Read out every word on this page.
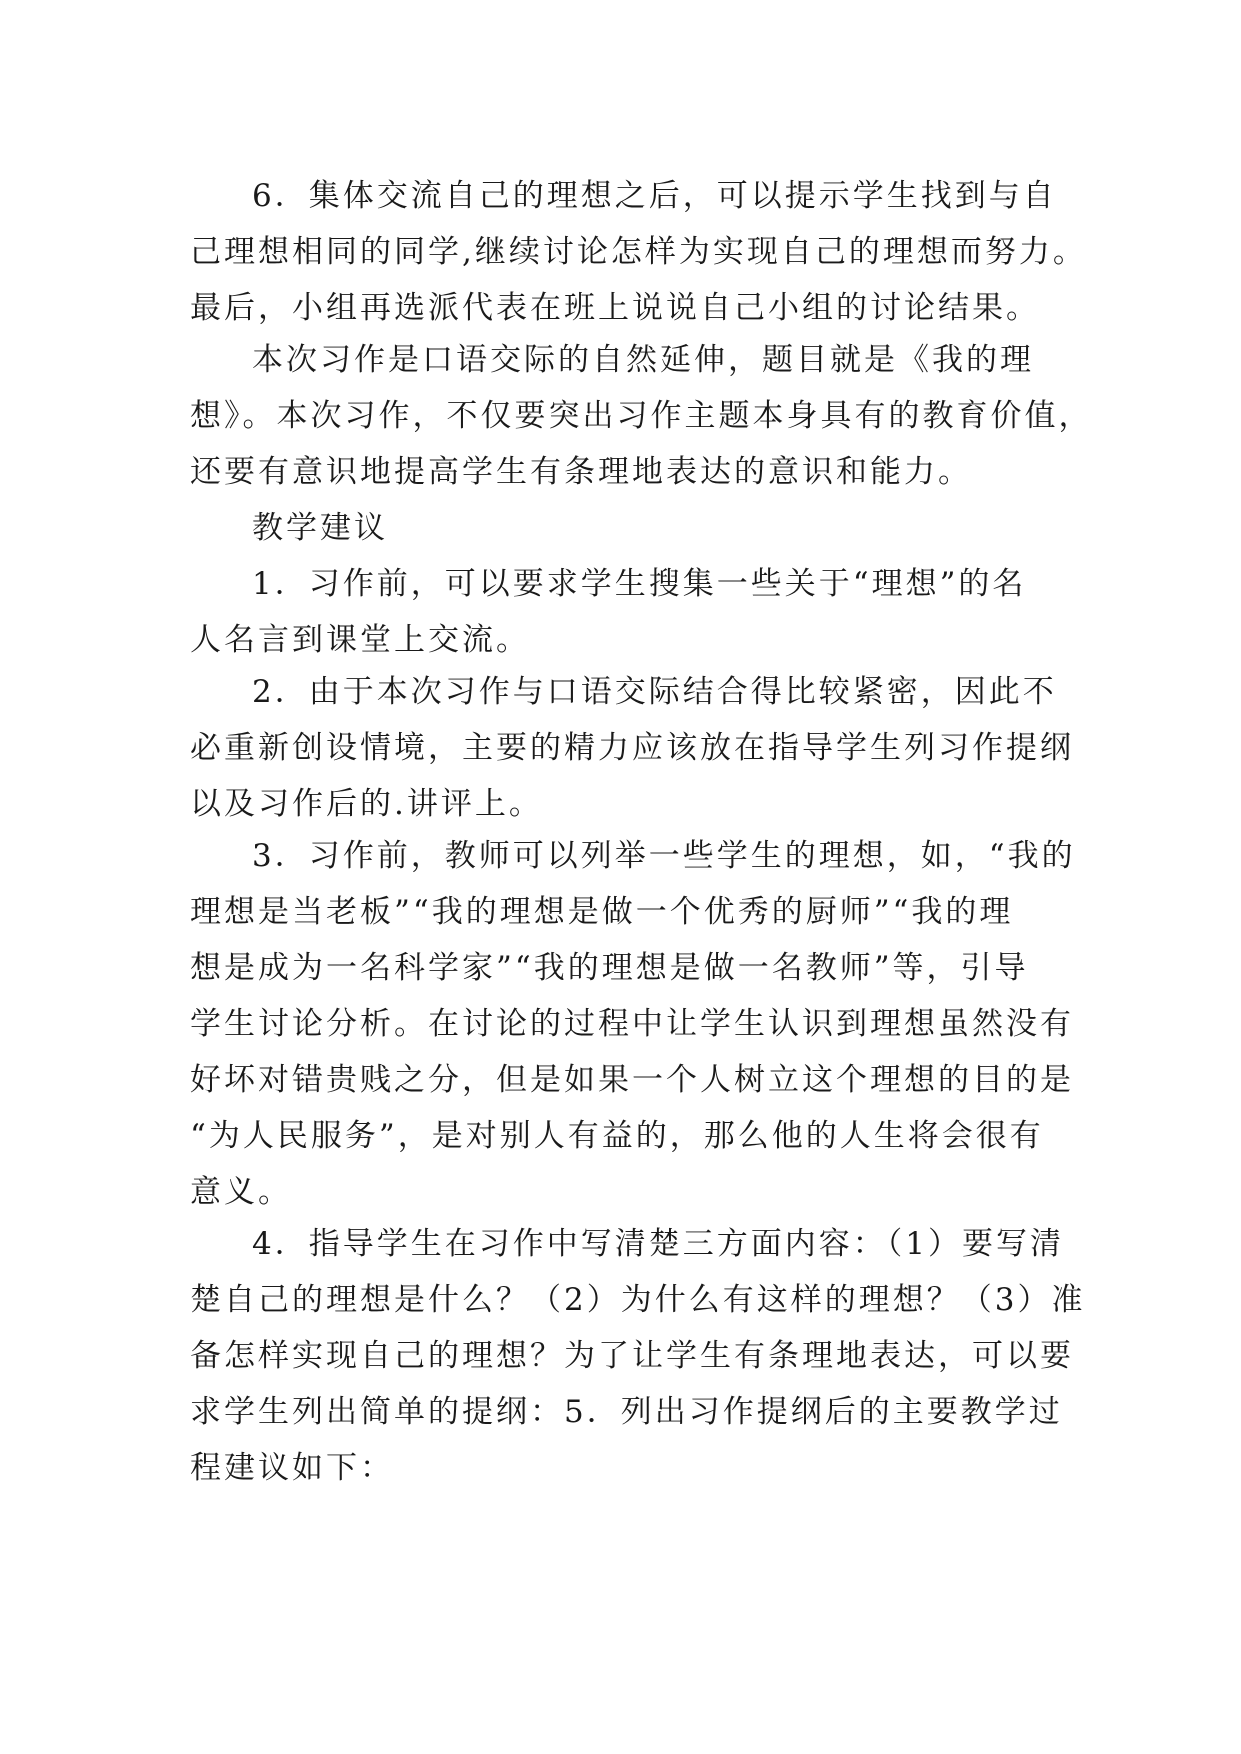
6．集体交流自己的理想之后，可以提示学生找到与自
己理想相同的同学,继续讨论怎样为实现自己的理想而努力。
最后，小组再选派代表在班上说说自己小组的讨论结果。
本次习作是口语交际的自然延伸，题目就是《我的理
想》。本次习作，不仅要突出习作主题本身具有的教育价值，
还要有意识地提高学生有条理地表达的意识和能力。
教学建议
1．习作前，可以要求学生搜集一些关于“理想”的名
人名言到课堂上交流。
2．由于本次习作与口语交际结合得比较紧密，因此不
必重新创设情境，主要的精力应该放在指导学生列习作提纲
以及习作后的.讲评上。
3．习作前，教师可以列举一些学生的理想，如，“我的
理想是当老板”“我的理想是做一个优秀的厨师”“我的理
想是成为一名科学家”“我的理想是做一名教师”等，引导
学生讨论分析。在讨论的过程中让学生认识到理想虽然没有
好坏对错贵贱之分，但是如果一个人树立这个理想的目的是
“为人民服务”，是对别人有益的，那么他的人生将会很有
意义。
4．指导学生在习作中写清楚三方面内容：（1）要写清
楚自己的理想是什么？（2）为什么有这样的理想？（3）准
备怎样实现自己的理想？为了让学生有条理地表达，可以要
求学生列出简单的提纲：5．列出习作提纲后的主要教学过
程建议如下：
